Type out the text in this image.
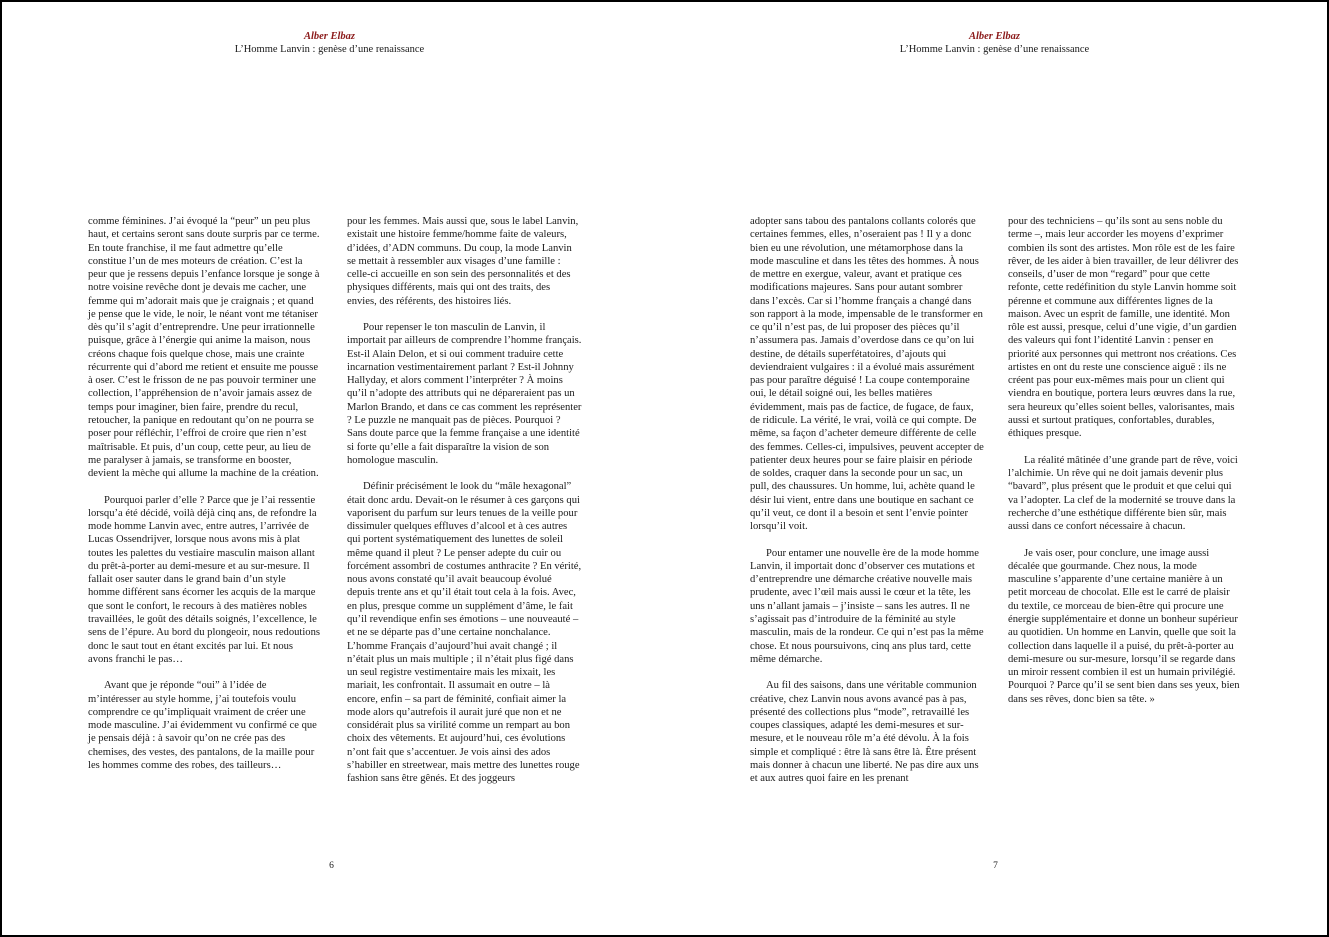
Alber Elbaz
L’Homme Lanvin : genèse d’une renaissance

comme féminines. J’ai évoqué la “peur” un peu plus haut, et certains seront sans doute surpris par ce terme. En toute franchise, il me faut admettre qu’elle constitue l’un de mes moteurs de création. C’est la peur que je ressens depuis l’enfance lorsque je songe à notre voisine revêche dont je devais me cacher, une femme qui m’adorait mais que je craignais ; et quand je pense que le vide, le noir, le néant vont me tétaniser dès qu’il s’agit d’entreprendre. Une peur irrationnelle puisque, grâce à l’énergie qui anime la maison, nous créons chaque fois quelque chose, mais une crainte récurrente qui d’abord me retient et ensuite me pousse à oser. C’est le frisson de ne pas pouvoir terminer une collection, l’appréhension de n’avoir jamais assez de temps pour imaginer, bien faire, prendre du recul, retoucher, la panique en redoutant qu’on ne pourra se poser pour réfléchir, l’effroi de croire que rien n’est maîtrisable. Et puis, d’un coup, cette peur, au lieu de me paralyser à jamais, se transforme en booster, devient la mèche qui allume la machine de la création.

Pourquoi parler d’elle ? Parce que je l’ai ressentie lorsqu’a été décidé, voilà déjà cinq ans, de refondre la mode homme Lanvin avec, entre autres, l’arrivée de Lucas Ossendrijver, lorsque nous avons mis à plat toutes les palettes du vestiaire masculin maison allant du prêt-à-porter au demi-mesure et au sur-mesure. Il fallait oser sauter dans le grand bain d’un style homme différent sans écorner les acquis de la marque que sont le confort, le recours à des matières nobles travaillées, le goût des détails soignés, l’excellence, le sens de l’épure. Au bord du plongeoir, nous redoutions donc le saut tout en étant excités par lui. Et nous avons franchi le pas…

Avant que je réponde “oui” à l’idée de m’intéresser au style homme, j’ai toutefois voulu comprendre ce qu’impliquait vraiment de créer une mode masculine. J’ai évidemment vu confirmé ce que je pensais déjà : à savoir qu’on ne crée pas des chemises, des vestes, des pantalons, de la maille pour les hommes comme des robes, des tailleurs…

pour les femmes. Mais aussi que, sous le label Lanvin, existait une histoire femme/homme faite de valeurs, d’idées, d’ADN communs. Du coup, la mode Lanvin se mettait à ressembler aux visages d’une famille : celle-ci accueille en son sein des personnalités et des physiques différents, mais qui ont des traits, des envies, des référents, des histoires liés.

Pour repenser le ton masculin de Lanvin, il importait par ailleurs de comprendre l’homme français. Est-il Alain Delon, et si oui comment traduire cette incarnation vestimentairement parlant ? Est-il Johnny Hallyday, et alors comment l’interpréter ? À moins qu’il n’adopte des attributs qui ne dépareraient pas un Marlon Brando, et dans ce cas comment les représenter ? Le puzzle ne manquait pas de pièces. Pourquoi ? Sans doute parce que la femme française a une identité si forte qu’elle a fait disparaître la vision de son homologue masculin.

Définir précisément le look du “mâle hexagonal” était donc ardu. Devait-on le résumer à ces garçons qui vaporisent du parfum sur leurs tenues de la veille pour dissimuler quelques effluves d’alcool et à ces autres qui portent systématiquement des lunettes de soleil même quand il pleut ? Le penser adepte du cuir ou forcément assombri de costumes anthracite ? En vérité, nous avons constaté qu’il avait beaucoup évolué depuis trente ans et qu’il était tout cela à la fois. Avec, en plus, presque comme un supplément d’âme, le fait qu’il revendique enfin ses émotions – une nouveauté – et ne se départe pas d’une certaine nonchalance. L’homme Français d’aujourd’hui avait changé ; il n’était plus un mais multiple ; il n’était plus figé dans un seul registre vestimentaire mais les mixait, les mariait, les confrontait. Il assumait en outre – là encore, enfin – sa part de féminité, confiait aimer la mode alors qu’autrefois il aurait juré que non et ne considérait plus sa virilité comme un rempart au bon choix des vêtements. Et aujourd’hui, ces évolutions n’ont fait que s’accentuer. Je vois ainsi des ados s’habiller en streetwear, mais mettre des lunettes rouge fashion sans être gênés. Et des joggeurs

6
Alber Elbaz
L’Homme Lanvin : genèse d’une renaissance

adopter sans tabou des pantalons collants colorés que certaines femmes, elles, n’oseraient pas ! Il y a donc bien eu une révolution, une métamorphose dans la mode masculine et dans les têtes des hommes. À nous de mettre en exergue, valeur, avant et pratique ces modifications majeures. Sans pour autant sombrer dans l’excès. Car si l’homme français a changé dans son rapport à la mode, impensable de le transformer en ce qu’il n’est pas, de lui proposer des pièces qu’il n’assumera pas. Jamais d’overdose dans ce qu’on lui destine, de détails superfétatoires, d’ajouts qui deviendraient vulgaires : il a évolué mais assurément pas pour paraître déguisé ! La coupe contemporaine oui, le détail soigné oui, les belles matières évidemment, mais pas de factice, de fugace, de faux, de ridicule. La vérité, le vrai, voilà ce qui compte. De même, sa façon d’acheter demeure différente de celle des femmes. Celles-ci, impulsives, peuvent accepter de patienter deux heures pour se faire plaisir en période de soldes, craquer dans la seconde pour un sac, un pull, des chaussures. Un homme, lui, achète quand le désir lui vient, entre dans une boutique en sachant ce qu’il veut, ce dont il a besoin et sent l’envie pointer lorsqu’il voit.

Pour entamer une nouvelle ère de la mode homme Lanvin, il importait donc d’observer ces mutations et d’entreprendre une démarche créative nouvelle mais prudente, avec l’œil mais aussi le cœur et la tête, les uns n’allant jamais – j’insiste – sans les autres. Il ne s’agissait pas d’introduire de la féminité au style masculin, mais de la rondeur. Ce qui n’est pas la même chose. Et nous poursuivons, cinq ans plus tard, cette même démarche.

Au fil des saisons, dans une véritable communion créative, chez Lanvin nous avons avancé pas à pas, présenté des collections plus “mode”, retravaillé les coupes classiques, adapté les demi-mesures et sur-mesure, et le nouveau rôle m’a été dévolu. À la fois simple et compliqué : être là sans être là. Être présent mais donner à chacun une liberté. Ne pas dire aux uns et aux autres quoi faire en les prenant

pour des techniciens – qu’ils sont au sens noble du terme –, mais leur accorder les moyens d’exprimer combien ils sont des artistes. Mon rôle est de les faire rêver, de les aider à bien travailler, de leur délivrer des conseils, d’user de mon “regard” pour que cette refonte, cette redéfinition du style Lanvin homme soit pérenne et commune aux différentes lignes de la maison. Avec un esprit de famille, une identité. Mon rôle est aussi, presque, celui d’une vigie, d’un gardien des valeurs qui font l’identité Lanvin : penser en priorité aux personnes qui mettront nos créations. Ces artistes en ont du reste une conscience aiguë : ils ne créent pas pour eux-mêmes mais pour un client qui viendra en boutique, portera leurs œuvres dans la rue, sera heureux qu’elles soient belles, valorisantes, mais aussi et surtout pratiques, confortables, durables, éthiques presque.

La réalité mâtinée d’une grande part de rêve, voici l’alchimie. Un rêve qui ne doit jamais devenir plus “bavard”, plus présent que le produit et que celui qui va l’adopter. La clef de la modernité se trouve dans la recherche d’une esthétique différente bien sûr, mais aussi dans ce confort nécessaire à chacun.

Je vais oser, pour conclure, une image aussi décalée que gourmande. Chez nous, la mode masculine s’apparente d’une certaine manière à un petit morceau de chocolat. Elle est le carré de plaisir du textile, ce morceau de bien-être qui procure une énergie supplémentaire et donne un bonheur supérieur au quotidien. Un homme en Lanvin, quelle que soit la collection dans laquelle il a puisé, du prêt-à-porter au demi-mesure ou sur-mesure, lorsqu’il se regarde dans un miroir ressent combien il est un humain privilégié. Pourquoi ? Parce qu’il se sent bien dans ses yeux, bien dans ses rêves, donc bien sa tête. »

7
